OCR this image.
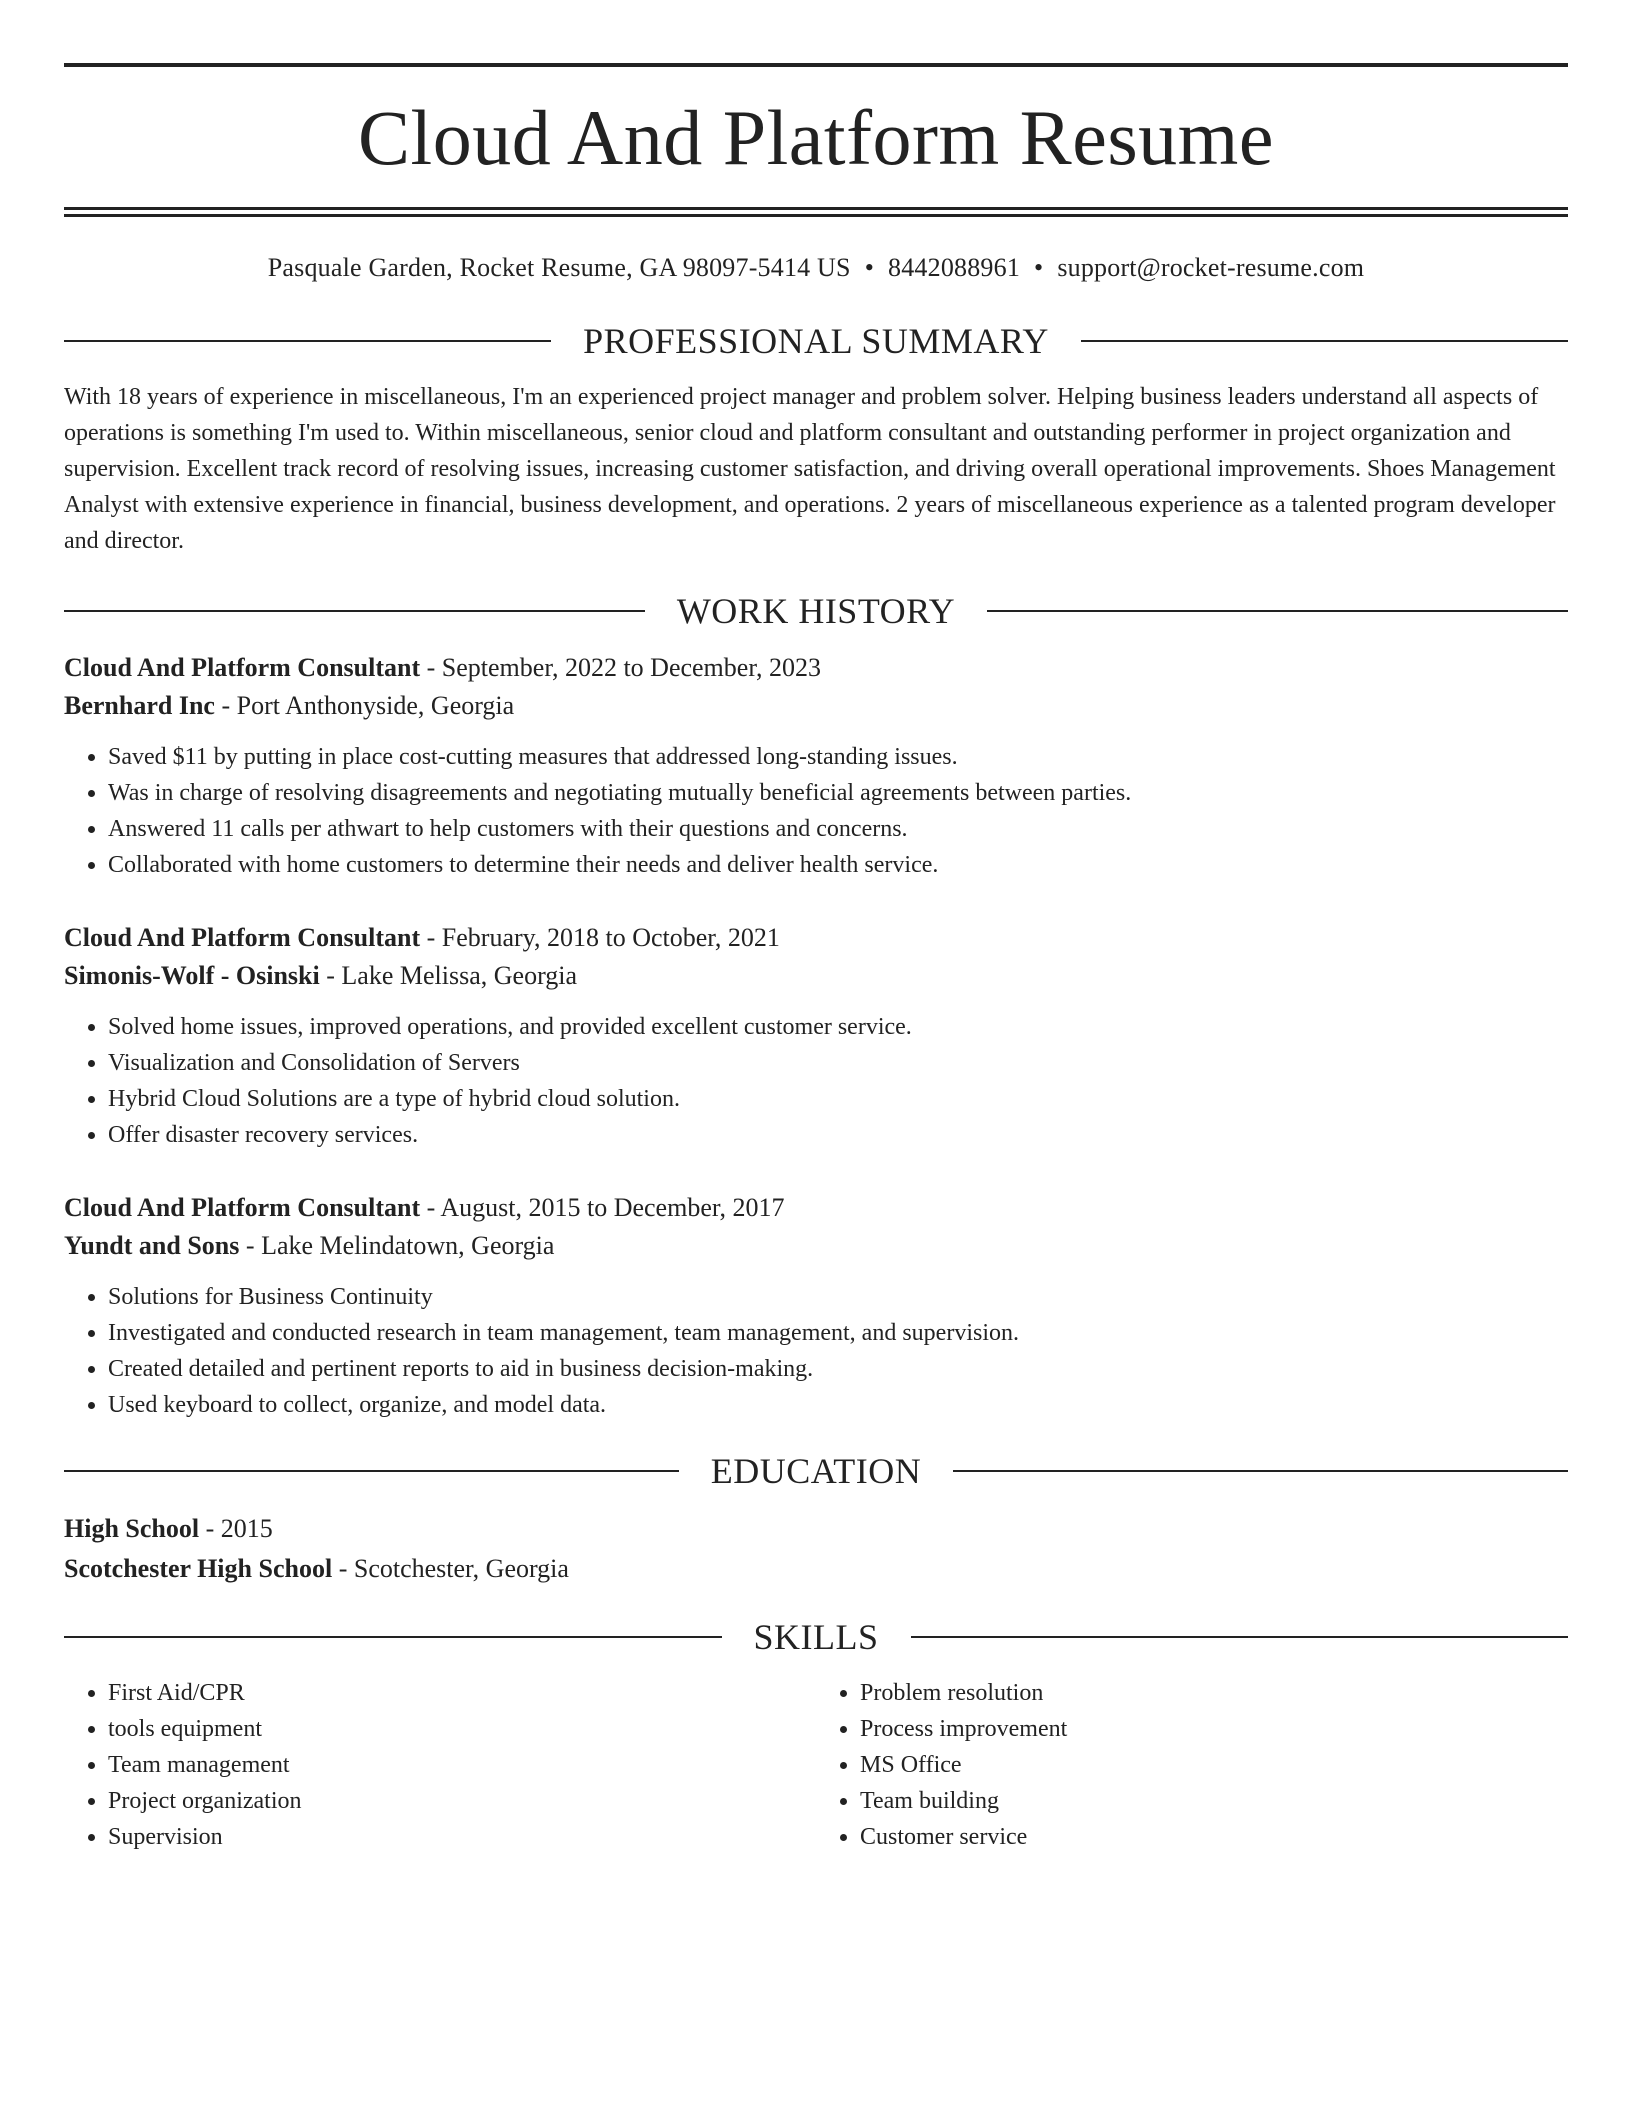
Cloud And Platform Resume
Pasquale Garden, Rocket Resume, GA 98097-5414 US • 8442088961 • support@rocket-resume.com
PROFESSIONAL SUMMARY

With 18 years of experience in miscellaneous, I'm an experienced project manager and problem solver. Helping business leaders understand all aspects of operations is something I'm used to. Within miscellaneous, senior cloud and platform consultant and outstanding performer in project organization and supervision. Excellent track record of resolving issues, increasing customer satisfaction, and driving overall operational improvements. Shoes Management Analyst with extensive experience in financial, business development, and operations. 2 years of miscellaneous experience as a talented program developer and director.

WORK HISTORY
Cloud And Platform Consultant - September, 2022 to December, 2023
Bernhard Inc - Port Anthonyside, Georgia
• Saved $11 by putting in place cost-cutting measures that addressed long-standing issues.
• Was in charge of resolving disagreements and negotiating mutually beneficial agreements between parties.
• Answered 11 calls per athwart to help customers with their questions and concerns.
• Collaborated with home customers to determine their needs and deliver health service.
Cloud And Platform Consultant - February, 2018 to October, 2021
Simonis-Wolf - Osinski - Lake Melissa, Georgia
• Solved home issues, improved operations, and provided excellent customer service.
• Visualization and Consolidation of Servers
• Hybrid Cloud Solutions are a type of hybrid cloud solution.
• Offer disaster recovery services.
Cloud And Platform Consultant - August, 2015 to December, 2017
Yundt and Sons - Lake Melindatown, Georgia
• Solutions for Business Continuity
• Investigated and conducted research in team management, team management, and supervision.
• Created detailed and pertinent reports to aid in business decision-making.
• Used keyboard to collect, organize, and model data.
EDUCATION
High School - 2015
Scotchester High School - Scotchester, Georgia
SKILLS
• First Aid/CPR
• tools equipment
• Team management
• Project organization
• Supervision
• Problem resolution
• Process improvement
• MS Office
• Team building
• Customer service
